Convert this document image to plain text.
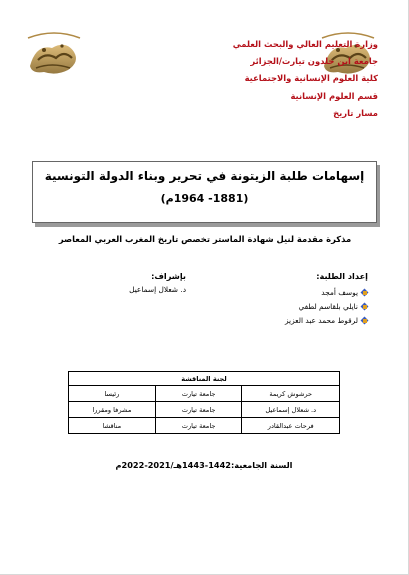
وزارة التعليم العالي والبحث العلمي
جامعة ابن خلدون تيارت/الجزائر
كلية العلوم الإنسانية والاجتماعية
قسم العلوم الإنسانية
مسار تاريخ
إسهامات طلبة الزيتونة في تحرير وبناء الدولة التونسية
(1881- 1964م)
مذكرة مقدمة لنيل شهادة الماستر تخصص تاريخ المغرب العربي المعاصر
إعداد الطلبة:
يوسف أمجد
نايلي بلقاسم لطفي
لرقوط محمد عبد العزيز
بإشراف:
د. شعلال إسماعيل
لجنة المناقشة		
حرشوش كريمة	جامعة تيارت	رئيسا
د. شعلال إسماعيل	جامعة تيارت	مشرفا ومقررا
فرحات عبدالقادر	جامعة تيارت	مناقشا
السنة الجامعية:1442-1443هـ/2021-2022م
